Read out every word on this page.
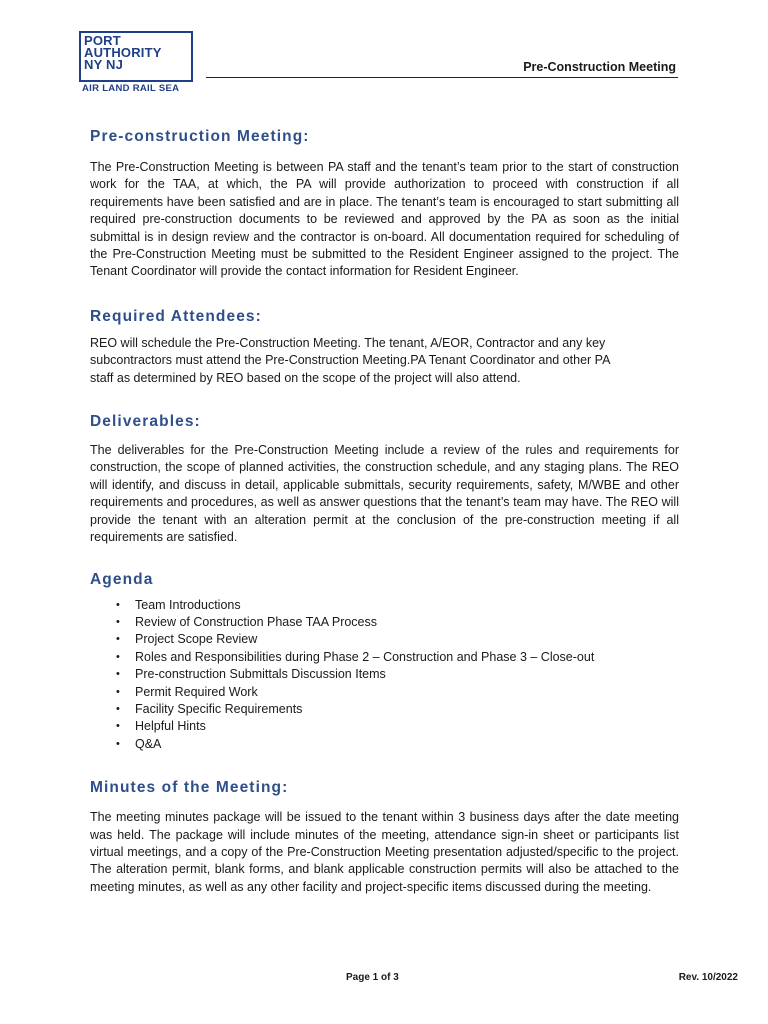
PORT
AUTHORITY
NY NJ
AIR LAND RAIL SEA
Pre-Construction Meeting
Pre-construction Meeting:

The Pre-Construction Meeting is between PA staff and the tenant’s team prior to the start of construction work for the TAA, at which, the PA will provide authorization to proceed with construction if all requirements have been satisfied and are in place. The tenant’s team is encouraged to start submitting all required pre-construction documents to be reviewed and approved by the PA as soon as the initial submittal is in design review and the contractor is on-board. All documentation required for scheduling of the Pre-Construction Meeting must be submitted to the Resident Engineer assigned to the project. The Tenant Coordinator will provide the contact information for Resident Engineer.

Required Attendees:

REO will schedule the Pre-Construction Meeting. The tenant, A/EOR, Contractor and any key

subcontractors must attend the Pre-Construction Meeting.PA Tenant Coordinator and other PA

staff as determined by REO based on the scope of the project will also attend.

Deliverables:

The deliverables for the Pre-Construction Meeting include a review of the rules and requirements for construction, the scope of planned activities, the construction schedule, and any staging plans. The REO will identify, and discuss in detail, applicable submittals, security requirements, safety, M/WBE and other requirements and procedures, as well as answer questions that the tenant’s team may have. The REO will provide the tenant with an alteration permit at the conclusion of the pre-construction meeting if all requirements are satisfied.

Agenda
• Team Introductions
• Review of Construction Phase TAA Process
• Project Scope Review
• Roles and Responsibilities during Phase 2 – Construction and Phase 3 – Close-out
• Pre-construction Submittals Discussion Items
• Permit Required Work
• Facility Specific Requirements
• Helpful Hints
• Q&A
Minutes of the Meeting:

The meeting minutes package will be issued to the tenant within 3 business days after the date meeting was held. The package will include minutes of the meeting, attendance sign-in sheet or participants list virtual meetings, and a copy of the Pre-Construction Meeting presentation adjusted/specific to the project. The alteration permit, blank forms, and blank applicable construction permits will also be attached to the meeting minutes, as well as any other facility and project-specific items discussed during the meeting.

Page 1 of 3	Rev. 10/2022
